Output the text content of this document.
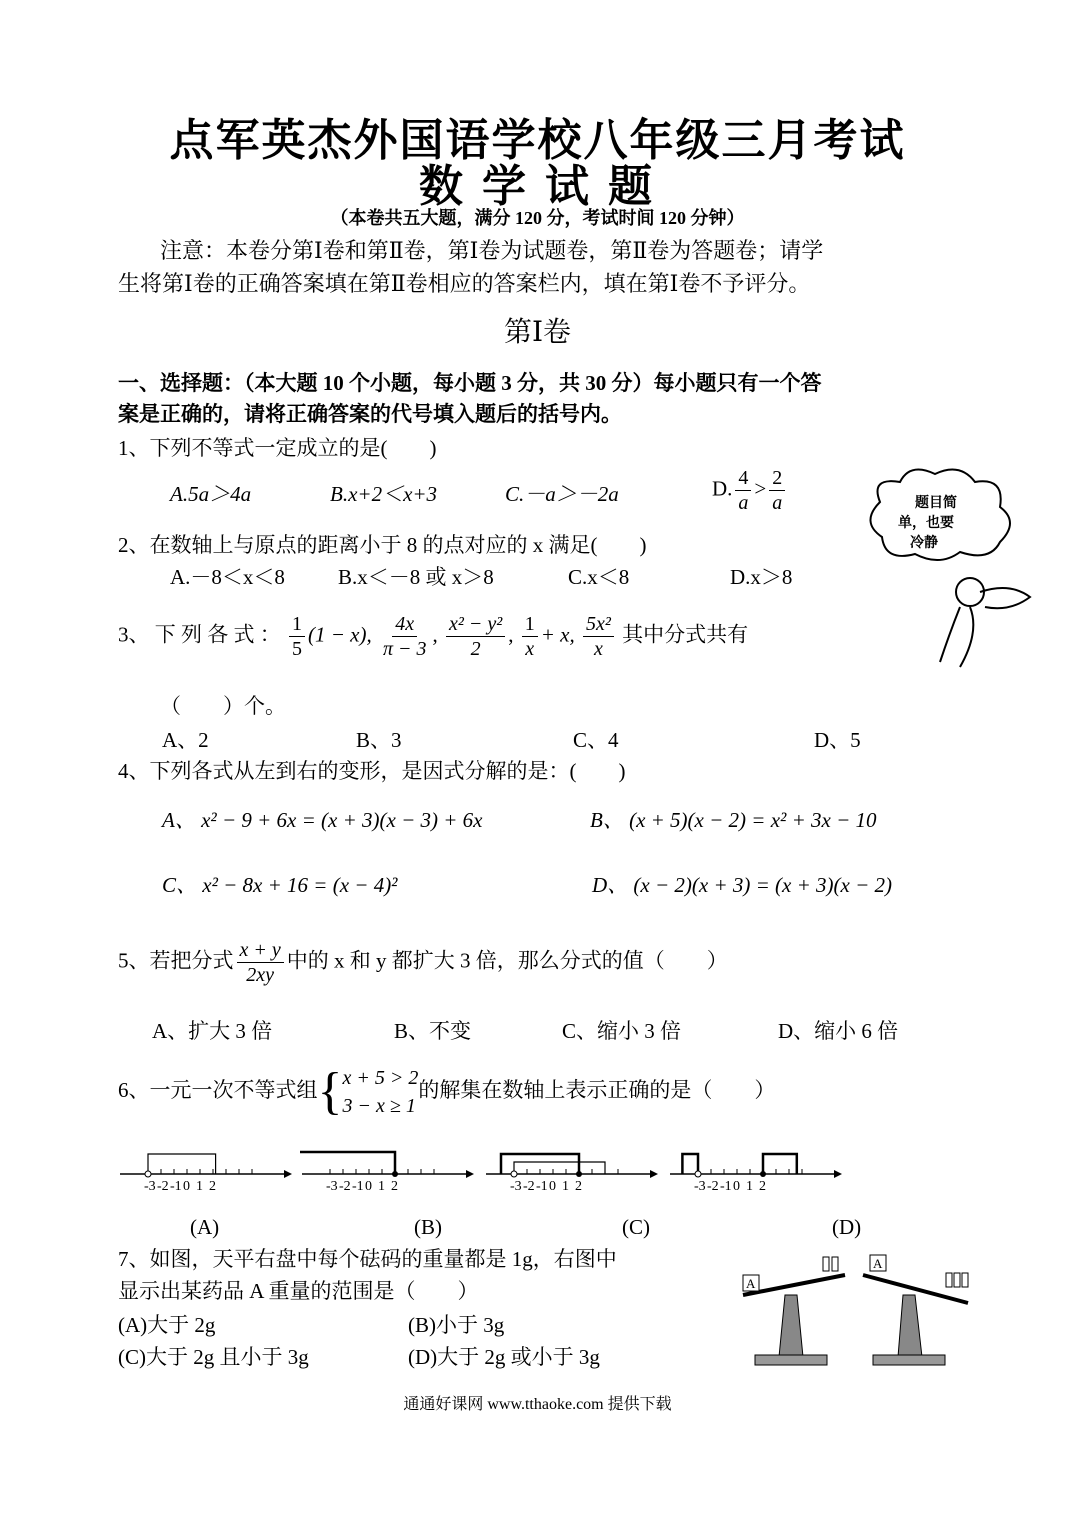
点军英杰外国语学校八年级三月考试
数 学 试 题
（本卷共五大题，满分 120 分，考试时间 120 分钟）
注意：本卷分第Ⅰ卷和第Ⅱ卷，第Ⅰ卷为试题卷，第Ⅱ卷为答题卷；请学
生将第Ⅰ卷的正确答案填在第Ⅱ卷相应的答案栏内，填在第Ⅰ卷不予评分。
第Ⅰ卷
一、选择题：（本大题 10 个小题，每小题 3 分，共 30 分）每小题只有一个答
案是正确的，请将正确答案的代号填入题后的括号内。
题目简
单，也要
冷静
1、下列不等式一定成立的是(　　)
A.5a＞4a	B.x+2＜x+3	C.－a＞－2a	D. $\frac{4}{a} > \frac{2}{a}$
2、在数轴上与原点的距离小于 8 的点对应的 x 满足(　　)
A.－8＜x＜8	B.x＜－8 或 x＞8	C.x＜8	D.x＞8
3、 下 列 各 式 ： $\frac{1}{5} (1 - x)$, $\frac{4x}{\pi - 3}$ , $\frac{\text{x² − y²}}{2}$ , $\frac{1}{x} + x$, $\frac{\text{5x²}}{x}$ 其中分式共有
（　　）个。
A、2	B、3	C、4	D、5
4、下列各式从左到右的变形，是因式分解的是：(　　)
A、 x² − 9 + 6x = (x + 3)(x − 3) + 6x	B、 (x + 5)(x − 2) = x² + 3x − 10
C、 x² − 8x + 16 = (x − 4)²	D、 (x − 2)(x + 3) = (x + 3)(x − 2)
5、若把分式 $\frac{x + y}{2xy}$ 中的 x 和 y 都扩大 3 倍，那么分式的值（　　）
A、扩大 3 倍	B、不变	C、缩小 3 倍	D、缩小 6 倍
6、一元一次不等式组 { x + 5 > 2
3 − x ≥ 1
的解集在数轴上表示正确的是（　　）
-3 -2 -1 0 1 2	-3 -2 -1 0 1 2	-3 -2 -1 0 1 2	-3 -2 -1 0 1 2
(A)	(B)	(C)	(D)
7、如图，天平右盘中每个砝码的重量都是 1g，右图中
显示出某药品 A 重量的范围是（　　）
(A)大于 2g	(B)小于 3g
(C)大于 2g 且小于 3g	(D)大于 2g 或小于 3g
A
A
通通好课网 www.tthaoke.com 提供下载
